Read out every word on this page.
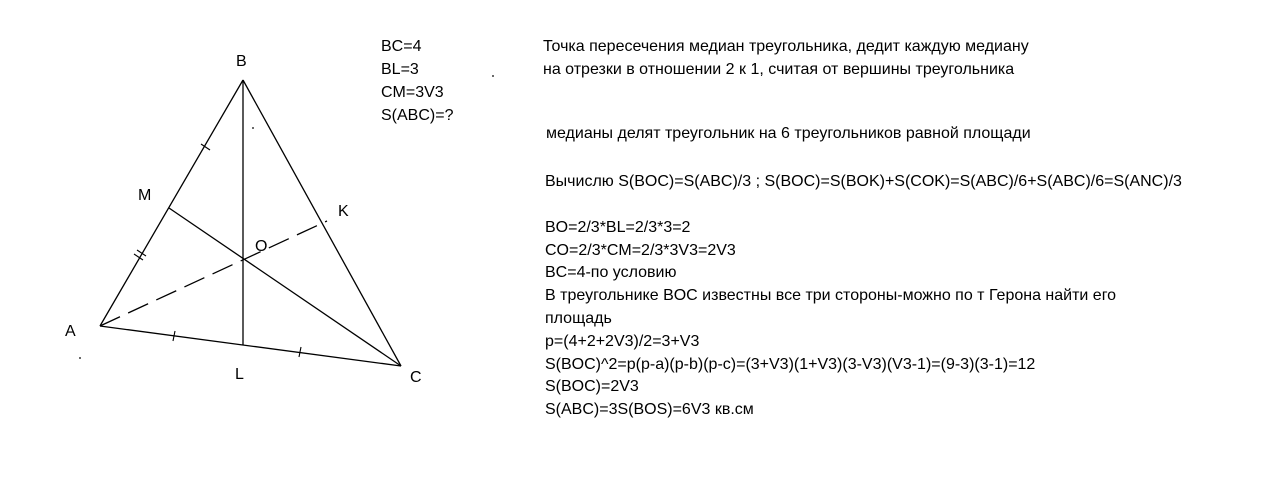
B
M
K
O
A
L	C
BC=4
BL=3
CM=3V3
S(ABC)=?
Точка пересечения медиан треугольника, дедит каждую медиану
на отрезки в отношении 2 к 1, считая от вершины треугольника
медианы делят треугольник на 6 треугольников равной площади
Вычислю S(BOC)=S(ABC)/3 ; S(BOC)=S(BOK)+S(COK)=S(ABC)/6+S(ABC)/6=S(ANC)/3
BO=2/3*BL=2/3*3=2
CO=2/3*CM=2/3*3V3=2V3
BC=4-по условию
В треугольнике BOC известны все три стороны-можно по т Герона найти его
площадь
p=(4+2+2V3)/2=3+V3
S(BOC)^2=p(p-a)(p-b)(p-c)=(3+V3)(1+V3)(3-V3)(V3-1)=(9-3)(3-1)=12
S(BOC)=2V3
S(ABC)=3S(BOS)=6V3 кв.см
